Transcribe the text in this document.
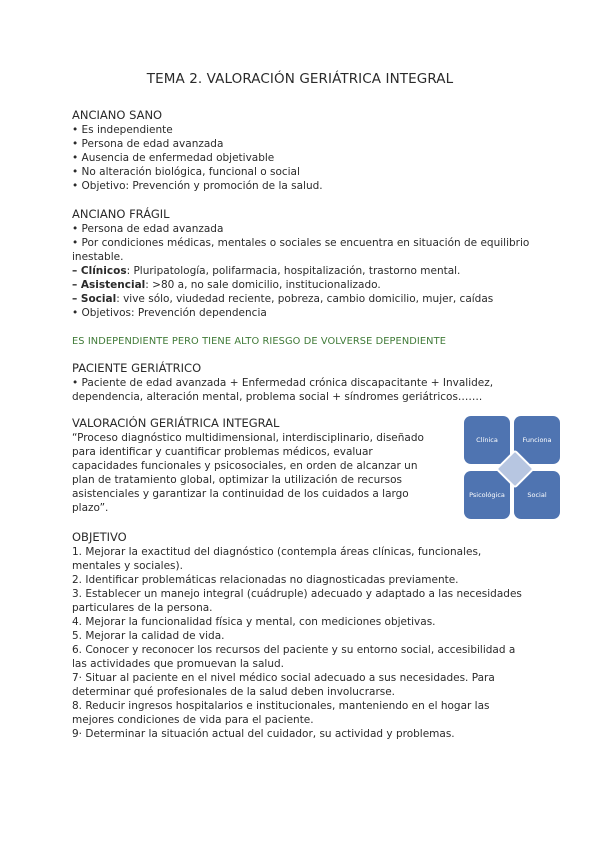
TEMA 2. VALORACIÓN GERIÁTRICA INTEGRAL
ANCIANO SANO

• Es independiente

• Persona de edad avanzada

• Ausencia de enfermedad objetivable

• No alteración biológica, funcional o social

• Objetivo: Prevención y promoción de la salud.

ANCIANO FRÁGIL

• Persona de edad avanzada

• Por condiciones médicas, mentales o sociales se encuentra en situación de equilibrio inestable.

– Clínicos: Pluripatología, polifarmacia, hospitalización, trastorno mental.

– Asistencial: >80 a, no sale domicilio, institucionalizado.

– Social: vive sólo, viudedad reciente, pobreza, cambio domicilio, mujer, caídas

• Objetivos: Prevención dependencia

ES INDEPENDIENTE PERO TIENE ALTO RIESGO DE VOLVERSE DEPENDIENTE

PACIENTE GERIÁTRICO

• Paciente de edad avanzada + Enfermedad crónica discapacitante + Invalidez, dependencia, alteración mental, problema social + síndromes geriátricos…….

VALORACIÓN GERIÁTRICA INTEGRAL

“Proceso diagnóstico multidimensional, interdisciplinario, diseñado para identificar y cuantificar problemas médicos, evaluar capacidades funcionales y psicosociales, en orden de alcanzar un plan de tratamiento global, optimizar la utilización de recursos asistenciales y garantizar la continuidad de los cuidados a largo plazo”.

Clínica	Funciona
Psicológica	Social
OBJETIVO

1. Mejorar la exactitud del diagnóstico (contempla áreas clínicas, funcionales, mentales y sociales).

2. Identificar problemáticas relacionadas no diagnosticadas previamente.

3. Establecer un manejo integral (cuádruple) adecuado y adaptado a las necesidades particulares de la persona.

4. Mejorar la funcionalidad física y mental, con mediciones objetivas.

5. Mejorar la calidad de vida.

6. Conocer y reconocer los recursos del paciente y su entorno social, accesibilidad a las actividades que promuevan la salud.

7· Situar al paciente en el nivel médico social adecuado a sus necesidades. Para determinar qué profesionales de la salud deben involucrarse.

8. Reducir ingresos hospitalarios e institucionales, manteniendo en el hogar las mejores condiciones de vida para el paciente.

9· Determinar la situación actual del cuidador, su actividad y problemas.
